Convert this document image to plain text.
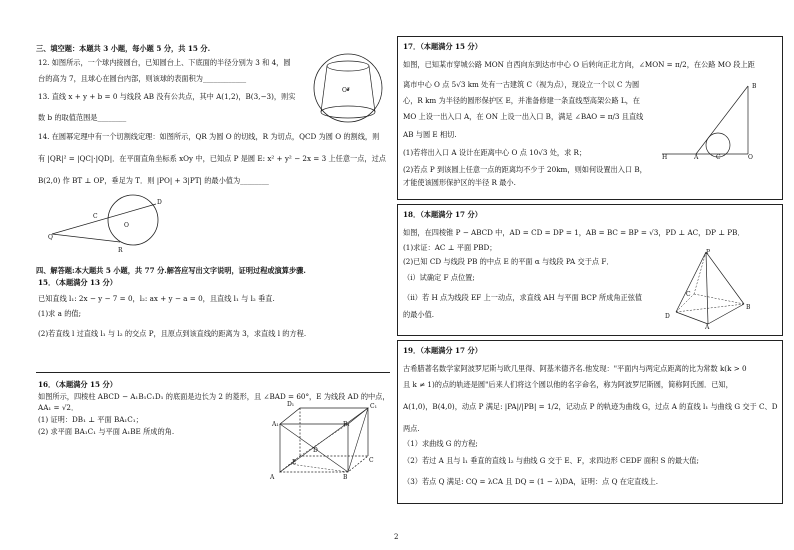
三、填空题：本题共 3 小题，每小题 5 分，共 15 分.
12. 如图所示，一个球内接圆台，已知圆台上、下底面的半径分别为 3 和 4，圆
台的高为 7，且球心在圆台内部，则该球的表面积为____________
O*
13. 直线 x + y + b = 0 与线段 AB 没有公共点，其中 A(1,2)，B(3,−3)，则实
数 b 的取值范围是________
14. 在圆幂定理中有一个切割线定理：如图所示，QR 为圆 O 的切线，R 为切点，QCD 为圆 O 的割线，则
有 |QR|² = |QC|·|QD|．在平面直角坐标系 xOy 中，已知点 P 是圆 E: x² + y² − 2x = 3 上任意一点，过点
B(2,0) 作 BT ⊥ OP，垂足为 T．则 |PO| + 3|PT| 的最小值为________
C
O
D
Q
R
四、解答题:本大题共 5 小题，共 77 分.解答应写出文字说明，证明过程或演算步骤.
15．（本题满分 13 分）
已知直线 l₁: 2x − y − 7 = 0，l₂: ax + y − a = 0，且直线 l₁ 与 l₂ 垂直.
(1)求 a 的值;
(2)若直线 l 过直线 l₁ 与 l₂ 的交点 P，且原点到该直线的距离为 3，求直线 l 的方程.
16．（本题满分 15 分）
如图所示，四棱柱 ABCD − A₁B₁C₁D₁ 的底面是边长为 2 的菱形，且 ∠BAD = 60°，E 为线段 AD 的中点，
AA₁ = √2．
(1) 证明：DB₁ ⊥ 平面 BA₁C₁；
(2) 求平面 BA₁C₁ 与平面 A₁BE 所成的角.
D₁	C₁
A₁	B₁
D
C
E
A	B
17．（本题满分 15 分）
如图，已知某市穿城公路 MON 自西向东到达市中心 O 后转向正北方向，∠MON = π/2，在公路 MO 段上距
离市中心 O 点 5√3 km 处有一古建筑 C（视为点），现设立一个以 C 为圆
心，R km 为半径的圆形保护区 E，并准备修建一条直线型高架公路 L，在
MO 上设一出入口 A，在 ON 上设一出入口 B，满足 ∠BAO = π/3 且直线
AB 与圆 E 相切.
(1)若将出入口 A 设计在距离中心 O 点 10√3 处，求 R；
(2)若点 P 到该圆上任意一点的距离均不少于 20km，则如何设置出入口 B，
才能使该圆形保护区的半径 R 最小.
H	A	C	O
B
18．（本题满分 17 分）
如图，在四棱锥 P − ABCD 中，AD = CD = DP = 1，AB = BC = BP = √3，PD ⊥ AC，DP ⊥ PB．
(1)求证：AC ⊥ 平面 PBD；
(2)已知 CD 与线段 PB 的中点 E 的平面 α 与线段 PA 交于点 F．
（ⅰ）试确定 F 点位置;
（ⅱ）若 H 点为线段 EF 上一动点，求直线 AH 与平面 BCP 所成角正弦值
的最小值.
P
C
D
B
A
19．（本题满分 17 分）
古希腊著名数学家阿波罗尼斯与欧几里得、阿基米德齐名.他发现："平面内与两定点距离的比为常数 k(k > 0
且 k ≠ 1)的点的轨迹是圆"后来人们将这个圆以他的名字命名，称为阿波罗尼斯圆，简称阿氏圆．已知，
A(1,0)，B(4,0)，动点 P 满足: |PA|/|PB| = 1/2，记动点 P 的轨迹为曲线 G，过点 A 的直线 l₁ 与曲线 G 交于 C、D
两点.
（1）求曲线 G 的方程;
（2）若过 A 且与 l₁ 垂直的直线 l₂ 与曲线 G 交于 E、F，求四边形 CEDF 面积 S 的最大值;
（3）若点 Q 满足: CQ = λCA 且 DQ = (1 − λ)DA，证明：点 Q 在定直线上.
2
